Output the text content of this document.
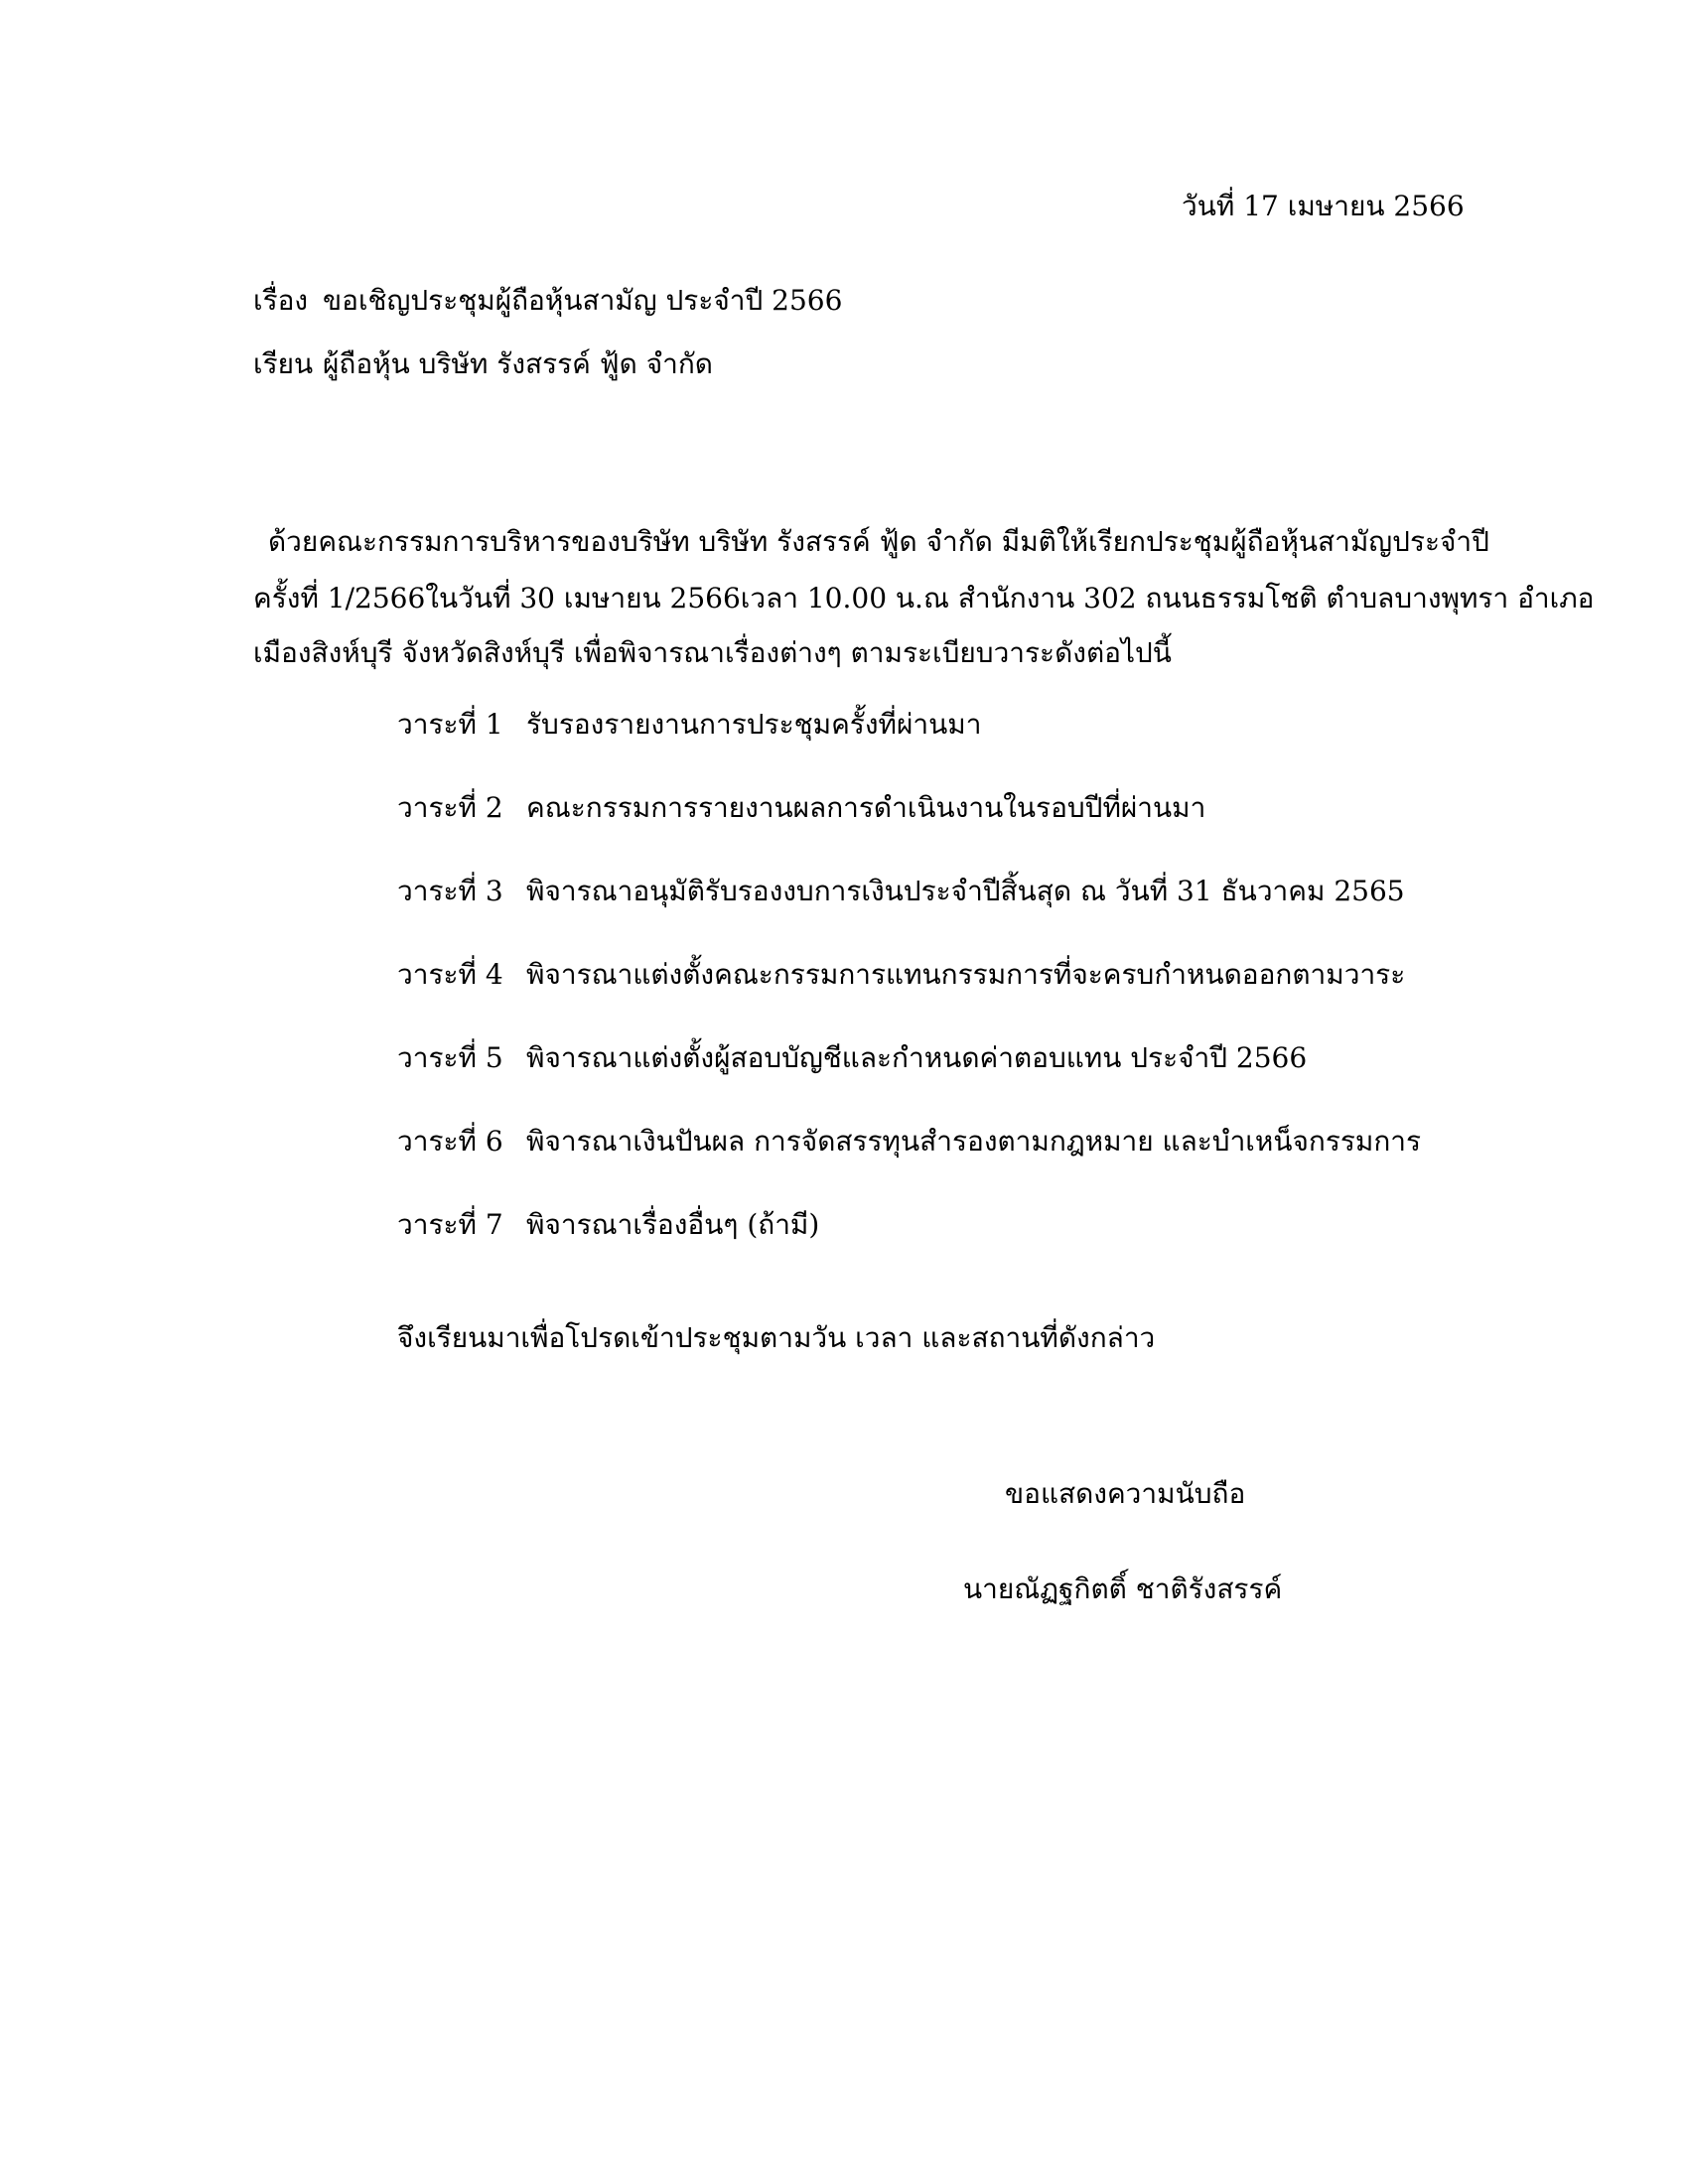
วันที่ 17 เมษายน 2566
เรื่อง ขอเชิญประชุมผู้ถือหุ้นสามัญ ประจำปี 2566
เรียน ผู้ถือหุ้น บริษัท รังสรรค์ ฟู้ด จำกัด
ด้วยคณะกรรมการบริหารของบริษัท บริษัท รังสรรค์ ฟู้ด จำกัด มีมติให้เรียกประชุมผู้ถือหุ้นสามัญประจำปี
ครั้งที่ 1/2566ในวันที่ 30 เมษายน 2566เวลา 10.00 น.ณ สำนักงาน 302 ถนนธรรมโชติ ตำบลบางพุทรา อำเภอ
เมืองสิงห์บุรี จังหวัดสิงห์บุรี เพื่อพิจารณาเรื่องต่างๆ ตามระเบียบวาระดังต่อไปนี้
วาระที่ 1 รับรองรายงานการประชุมครั้งที่ผ่านมา
วาระที่ 2 คณะกรรมการรายงานผลการดำเนินงานในรอบปีที่ผ่านมา
วาระที่ 3 พิจารณาอนุมัติรับรองงบการเงินประจำปีสิ้นสุด ณ วันที่ 31 ธันวาคม 2565
วาระที่ 4 พิจารณาแต่งตั้งคณะกรรมการแทนกรรมการที่จะครบกำหนดออกตามวาระ
วาระที่ 5 พิจารณาแต่งตั้งผู้สอบบัญชีและกำหนดค่าตอบแทน ประจำปี 2566
วาระที่ 6 พิจารณาเงินปันผล การจัดสรรทุนสำรองตามกฎหมาย และบำเหน็จกรรมการ
วาระที่ 7 พิจารณาเรื่องอื่นๆ (ถ้ามี)
จึงเรียนมาเพื่อโปรดเข้าประชุมตามวัน เวลา และสถานที่ดังกล่าว
ขอแสดงความนับถือ
นายณัฏฐกิตติ์ ชาติรังสรรค์
